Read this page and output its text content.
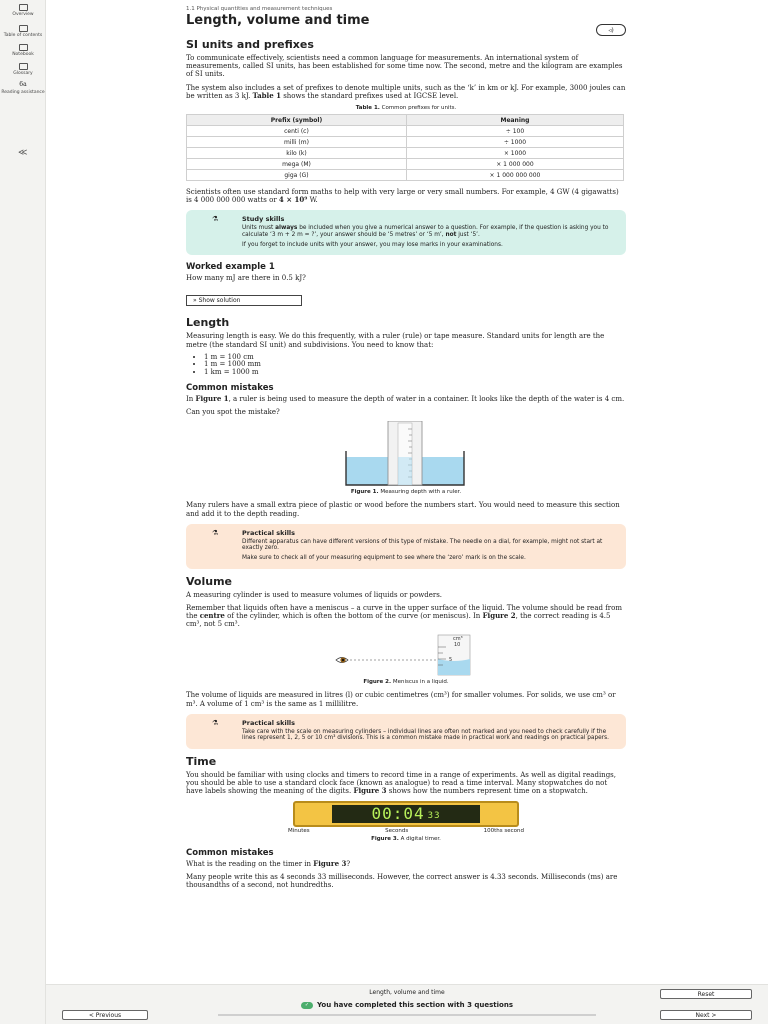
Overview
Table of contents
Notebook
Glossary
6a
Reading assistance
≪
1.1 Physical quantities and measurement techniques
Length, volume and time
◃)
SI units and prefixes

To communicate effectively, scientists need a common language for measurements. An international system of measurements, called SI units, has been established for some time now. The second, metre and the kilogram are examples of SI units.

The system also includes a set of prefixes to denote multiple units, such as the ‘k’ in km or kJ. For example, 3000 joules can be written as 3 kJ. Table 1 shows the standard prefixes used at IGCSE level.

Table 1. Common prefixes for units.
Prefix (symbol)	Meaning
centi (c)	÷ 100
milli (m)	÷ 1000
kilo (k)	× 1000
mega (M)	× 1 000 000
giga (G)	× 1 000 000 000

Scientists often use standard form maths to help with very large or very small numbers. For example, 4 GW (4 gigawatts) is 4 000 000 000 watts or 4 × 10⁹ W.

⚗	Study skills

Units must always be included when you give a numerical answer to a question. For example, if the question is asking you to calculate ‘3 m + 2 m = ?’, your answer should be ‘5 metres’ or ‘5 m’, not just ‘5’.

If you forget to include units with your answer, you may lose marks in your examinations.

Worked example 1

How many mJ are there in 0.5 kJ?

» Show solution
Length

Measuring length is easy. We do this frequently, with a ruler (rule) or tape measure. Standard units for length are the metre (the standard SI unit) and subdivisions. You need to know that:

• 1 m = 100 cm
• 1 m = 1000 mm
• 1 km = 1000 m
Common mistakes

In Figure 1, a ruler is being used to measure the depth of water in a container. It looks like the depth of the water is 4 cm.

Can you spot the mistake?

Figure 1. Measuring depth with a ruler.

Many rulers have a small extra piece of plastic or wood before the numbers start. You would need to measure this section and add it to the depth reading.

⚗	Practical skills

Different apparatus can have different versions of this type of mistake. The needle on a dial, for example, might not start at exactly zero.

Make sure to check all of your measuring equipment to see where the ‘zero’ mark is on the scale.

Volume

A measuring cylinder is used to measure volumes of liquids or powders.

Remember that liquids often have a meniscus – a curve in the upper surface of the liquid. The volume should be read from the centre of the cylinder, which is often the bottom of the curve (or meniscus). In Figure 2, the correct reading is 4.5 cm³, not 5 cm³.

cm³
10
5
Figure 2. Meniscus in a liquid.

The volume of liquids are measured in litres (l) or cubic centimetres (cm³) for smaller volumes. For solids, we use cm³ or m³. A volume of 1 cm³ is the same as 1 millilitre.

⚗	Practical skills

Take care with the scale on measuring cylinders – individual lines are often not marked and you need to check carefully if the lines represent 1, 2, 5 or 10 cm³ divisions. This is a common mistake made in practical work and readings on practical papers.

Time

You should be familiar with using clocks and timers to record time in a range of experiments. As well as digital readings, you should be able to use a standard clock face (known as analogue) to read a time interval. Many stopwatches do not have labels showing the meaning of the digits. Figure 3 shows how the numbers represent time on a stopwatch.

00:04 33
Minutes	Seconds	100ths second
Figure 3. A digital timer.
Common mistakes

What is the reading on the timer in Figure 3?

Many people write this as 4 seconds 33 milliseconds. However, the correct answer is 4.33 seconds. Milliseconds (ms) are thousandths of a second, not hundredths.

Length, volume and time	Reset
✓ You have completed this section with 3 questions
< Previous	Next >
